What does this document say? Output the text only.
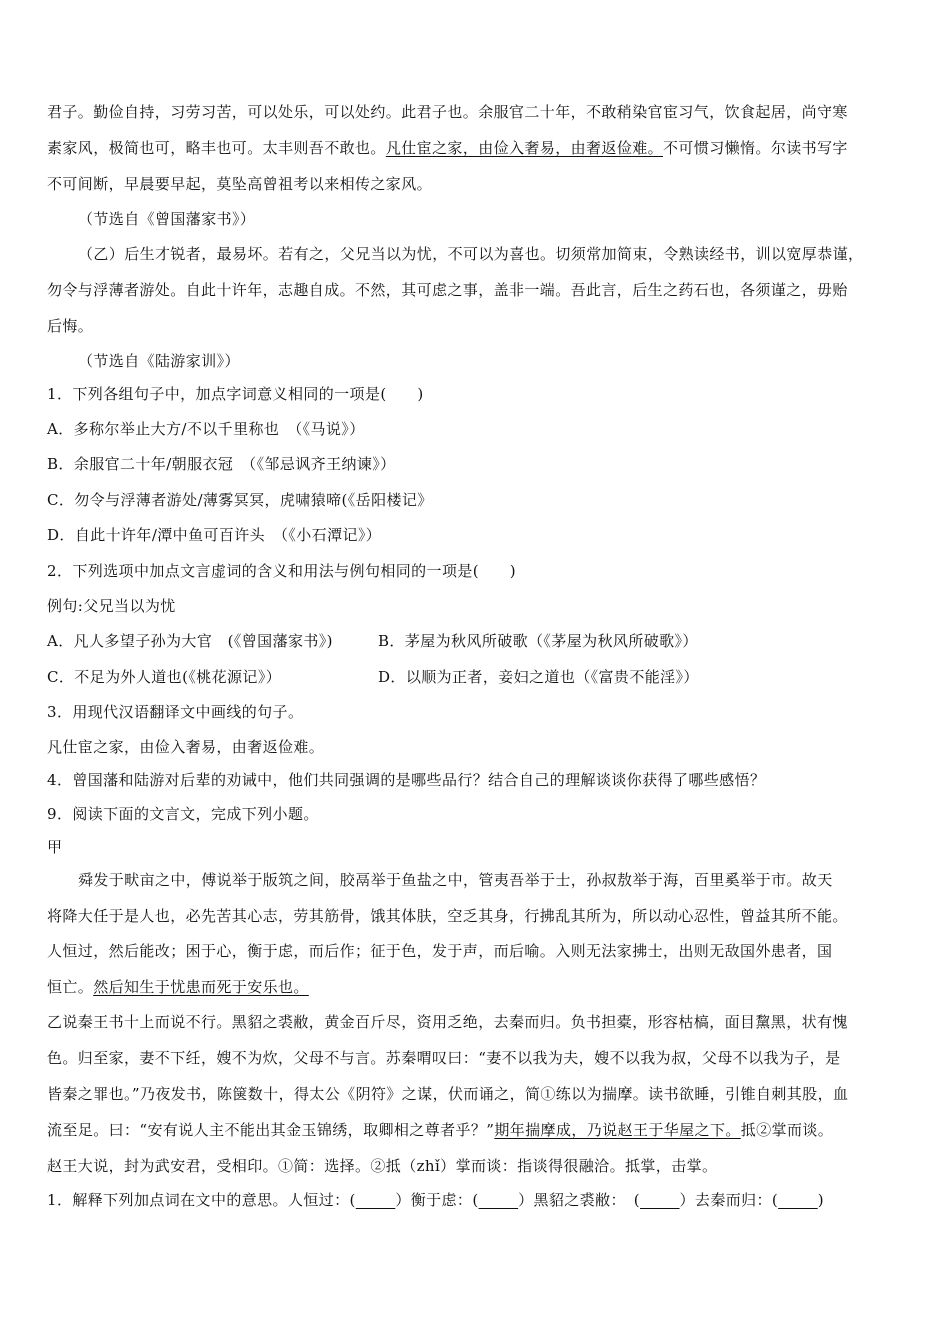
君子。勤俭自持，习劳习苦，可以处乐，可以处约。此君子也。余服官二十年，不敢稍染官宦习气，饮食起居，尚守寒
素家风，极简也可，略丰也可。太丰则吾不敢也。凡仕宦之家，由俭入奢易，由奢返俭难。不可惯习懒惰。尔读书写字
不可间断，早晨要早起，莫坠高曾祖考以来相传之家风。
（节选自《曾国藩家书》）
（乙）后生才锐者，最易坏。若有之，父兄当以为忧，不可以为喜也。切须常加简束，令熟读经书，训以宽厚恭谨，
勿令与浮薄者游处。自此十许年，志趣自成。不然，其可虑之事，盖非一端。吾此言，后生之药石也，各须谨之，毋贻
后悔。
（节选自《陆游家训》）
1．下列各组句子中，加点字词意义相同的一项是(　　)
A．多称尔举止大方/不以千里称也　（《马说》）
B．余服官二十年/朝服衣冠　（《邹忌讽齐王纳谏》）
C．勿令与浮薄者游处/薄雾冥冥，虎啸猿啼(《岳阳楼记》
D．自此十许年/潭中鱼可百许头　（《小石潭记》）
2．下列选项中加点文言虚词的含义和用法与例句相同的一项是(　　)
例句:父兄当以为忧
A．凡人多望子孙为大官　(《曾国藩家书》)	B．茅屋为秋风所破歌（《茅屋为秋风所破歌》）
C．不足为外人道也(《桃花源记》）	D．以顺为正者，妾妇之道也（《富贵不能淫》）
3．用现代汉语翻译文中画线的句子。
凡仕宦之家，由俭入奢易，由奢返俭难。
4．曾国藩和陆游对后辈的劝诫中，他们共同强调的是哪些品行？结合自己的理解谈谈你获得了哪些感悟？
9．阅读下面的文言文，完成下列小题。
甲
舜发于畎亩之中，傅说举于版筑之间，胶鬲举于鱼盐之中，管夷吾举于士，孙叔敖举于海，百里奚举于市。故天
将降大任于是人也，必先苦其心志，劳其筋骨，饿其体肤，空乏其身，行拂乱其所为，所以动心忍性，曾益其所不能。
人恒过，然后能改；困于心，衡于虑，而后作；征于色，发于声，而后喻。入则无法家拂士，出则无敌国外患者，国
恒亡。然后知生于忧患而死于安乐也。
乙说秦王书十上而说不行。黑貂之裘敝，黄金百斤尽，资用乏绝，去秦而归。负书担橐，形容枯槁，面目黧黑，状有愧
色。归至家，妻不下纴，嫂不为炊，父母不与言。苏秦喟叹曰：“妻不以我为夫，嫂不以我为叔，父母不以我为子，是
皆秦之罪也。”乃夜发书，陈箧数十，得太公《阴符》之谋，伏而诵之，简①练以为揣摩。读书欲睡，引锥自刺其股，血
流至足。曰：“安有说人主不能出其金玉锦绣，取卿相之尊者乎？”期年揣摩成，乃说赵王于华屋之下。抵②掌而谈。
赵王大说，封为武安君，受相印。①简：选择。②抵（zhǐ）掌而谈：指谈得很融洽。抵掌，击掌。
1．解释下列加点词在文中的意思。人恒过：(_____）衡于虑：(_____）黑貂之裘敝：　(_____）去秦而归：(_____)
